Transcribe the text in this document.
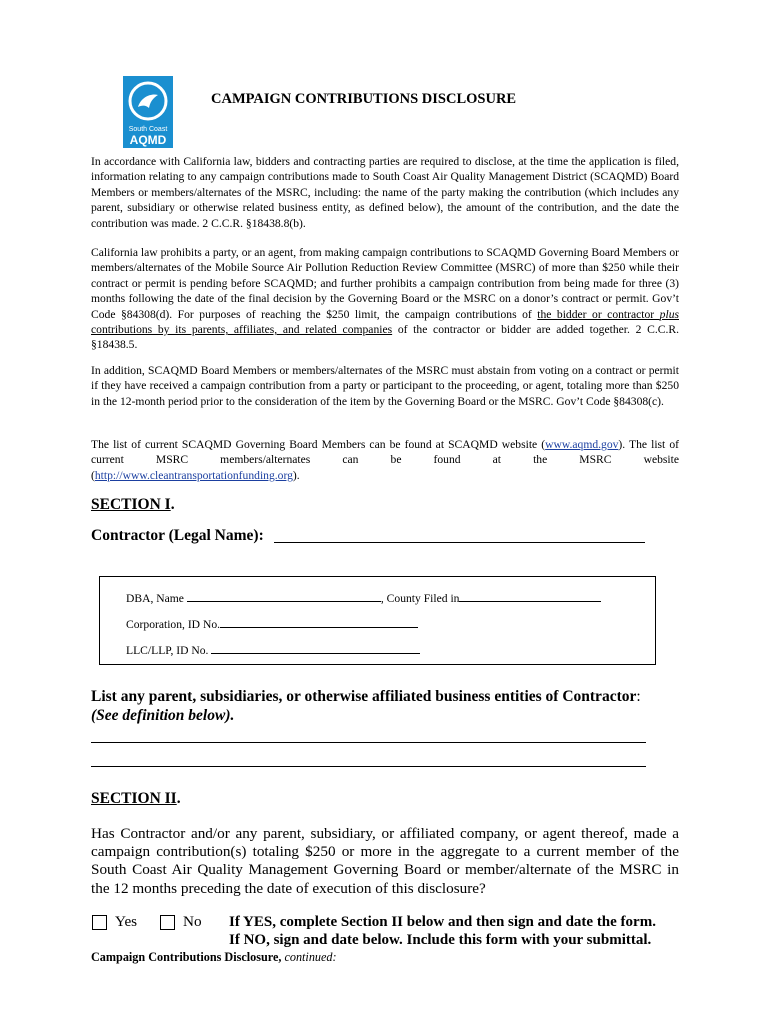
South Coast
AQMD
CAMPAIGN CONTRIBUTIONS DISCLOSURE

In accordance with California law, bidders and contracting parties are required to disclose, at the time the application is filed, information relating to any campaign contributions made to South Coast Air Quality Management District (SCAQMD) Board Members or members/alternates of the MSRC, including: the name of the party making the contribution (which includes any parent, subsidiary or otherwise related business entity, as defined below), the amount of the contribution, and the date the contribution was made. 2 C.C.R. §18438.8(b).

California law prohibits a party, or an agent, from making campaign contributions to SCAQMD Governing Board Members or members/alternates of the Mobile Source Air Pollution Reduction Review Committee (MSRC) of more than $250 while their contract or permit is pending before SCAQMD; and further prohibits a campaign contribution from being made for three (3) months following the date of the final decision by the Governing Board or the MSRC on a donor’s contract or permit. Gov’t Code §84308(d). For purposes of reaching the $250 limit, the campaign contributions of the bidder or contractor plus contributions by its parents, affiliates, and related companies of the contractor or bidder are added together. 2 C.C.R. §18438.5.

In addition, SCAQMD Board Members or members/alternates of the MSRC must abstain from voting on a contract or permit if they have received a campaign contribution from a party or participant to the proceeding, or agent, totaling more than $250 in the 12-month period prior to the consideration of the item by the Governing Board or the MSRC. Gov’t Code §84308(c).

The list of current SCAQMD Governing Board Members can be found at SCAQMD website (www.aqmd.gov). The list of current MSRC members/alternates can be found at the MSRC website

(http://www.cleantransportationfunding.org).

SECTION I.
Contractor (Legal Name):
DBA, Name	, County Filed in
Corporation, ID No.
LLC/LLP, ID No.
List any parent, subsidiaries, or otherwise affiliated business entities of Contractor:
(See definition below).
SECTION II.

Has Contractor and/or any parent, subsidiary, or affiliated company, or agent thereof, made a campaign contribution(s) totaling $250 or more in the aggregate to a current member of the South Coast Air Quality Management Governing Board or member/alternate of the MSRC in the 12 months preceding the date of execution of this disclosure?

Yes	No If YES, complete Section II below and then sign and date the form.
If NO, sign and date below. Include this form with your submittal.
Campaign Contributions Disclosure, continued:
